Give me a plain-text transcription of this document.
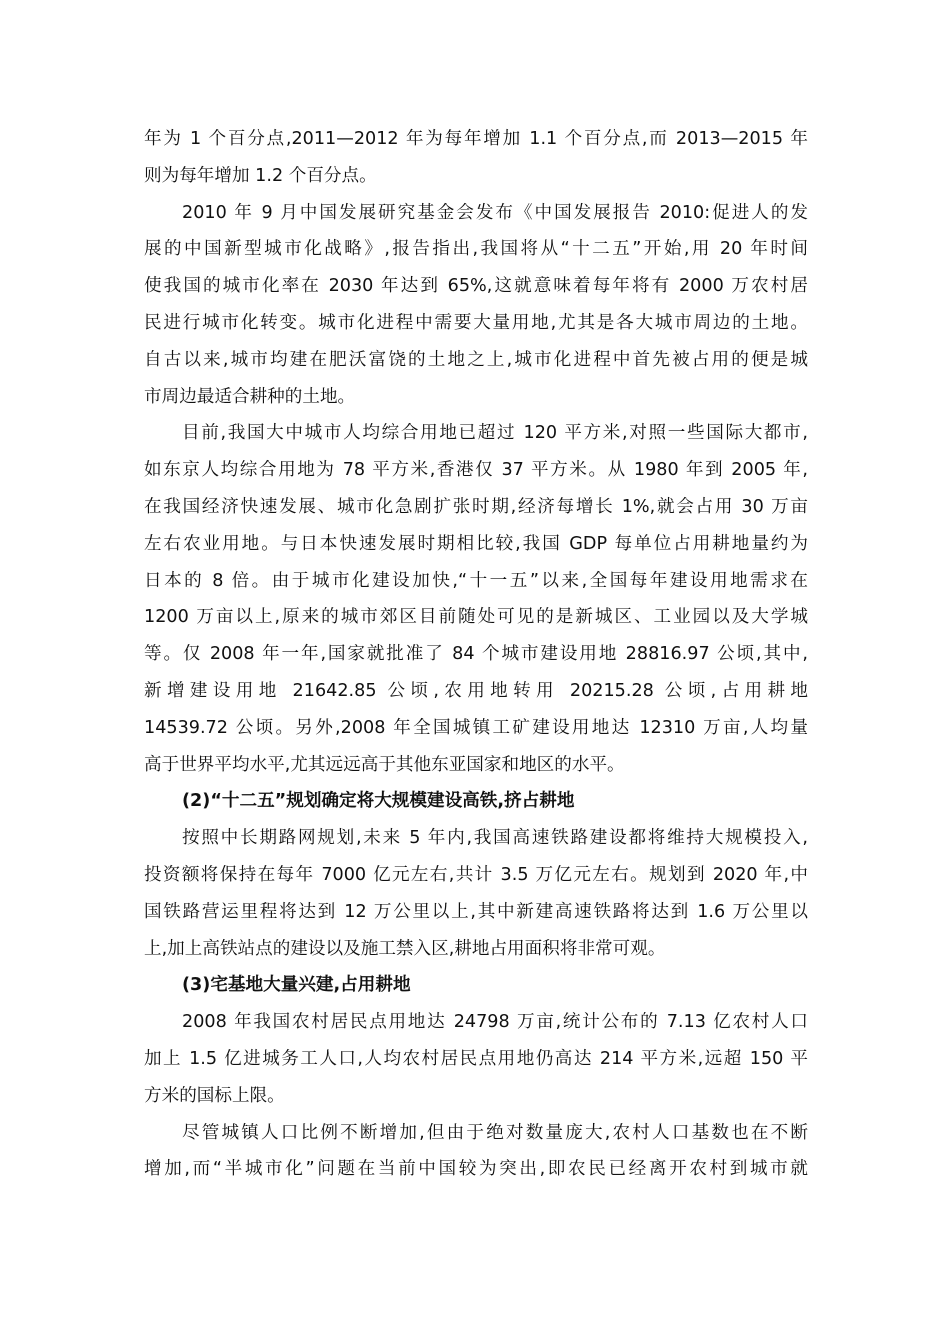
年为 1 个百分点,2011—2012 年为每年增加 1.1 个百分点,而 2013—2015 年
则为每年增加 1.2 个百分点。
2010 年 9 月中国发展研究基金会发布《中国发展报告 2010:促进人的发
展的中国新型城市化战略》,报告指出,我国将从“十二五”开始,用 20 年时间
使我国的城市化率在 2030 年达到 65%,这就意味着每年将有 2000 万农村居
民进行城市化转变。城市化进程中需要大量用地,尤其是各大城市周边的土地。
自古以来,城市均建在肥沃富饶的土地之上,城市化进程中首先被占用的便是城
市周边最适合耕种的土地。
目前,我国大中城市人均综合用地已超过 120 平方米,对照一些国际大都市,
如东京人均综合用地为 78 平方米,香港仅 37 平方米。从 1980 年到 2005 年,
在我国经济快速发展、城市化急剧扩张时期,经济每增长 1%,就会占用 30 万亩
左右农业用地。与日本快速发展时期相比较,我国 GDP 每单位占用耕地量约为
日本的 8 倍。由于城市化建设加快,“十一五”以来,全国每年建设用地需求在
1200 万亩以上,原来的城市郊区目前随处可见的是新城区、工业园以及大学城
等。仅 2008 年一年,国家就批准了 84 个城市建设用地 28816.97 公顷,其中,
新增建设用地 21642.85 公顷,农用地转用 20215.28 公顷,占用耕地
14539.72 公顷。另外,2008 年全国城镇工矿建设用地达 12310 万亩,人均量
高于世界平均水平,尤其远远高于其他东亚国家和地区的水平。
(2)“十二五”规划确定将大规模建设高铁,挤占耕地
按照中长期路网规划,未来 5 年内,我国高速铁路建设都将维持大规模投入,
投资额将保持在每年 7000 亿元左右,共计 3.5 万亿元左右。规划到 2020 年,中
国铁路营运里程将达到 12 万公里以上,其中新建高速铁路将达到 1.6 万公里以
上,加上高铁站点的建设以及施工禁入区,耕地占用面积将非常可观。
(3)宅基地大量兴建,占用耕地
2008 年我国农村居民点用地达 24798 万亩,统计公布的 7.13 亿农村人口
加上 1.5 亿进城务工人口,人均农村居民点用地仍高达 214 平方米,远超 150 平
方米的国标上限。
尽管城镇人口比例不断增加,但由于绝对数量庞大,农村人口基数也在不断
增加,而“半城市化”问题在当前中国较为突出,即农民已经离开农村到城市就
